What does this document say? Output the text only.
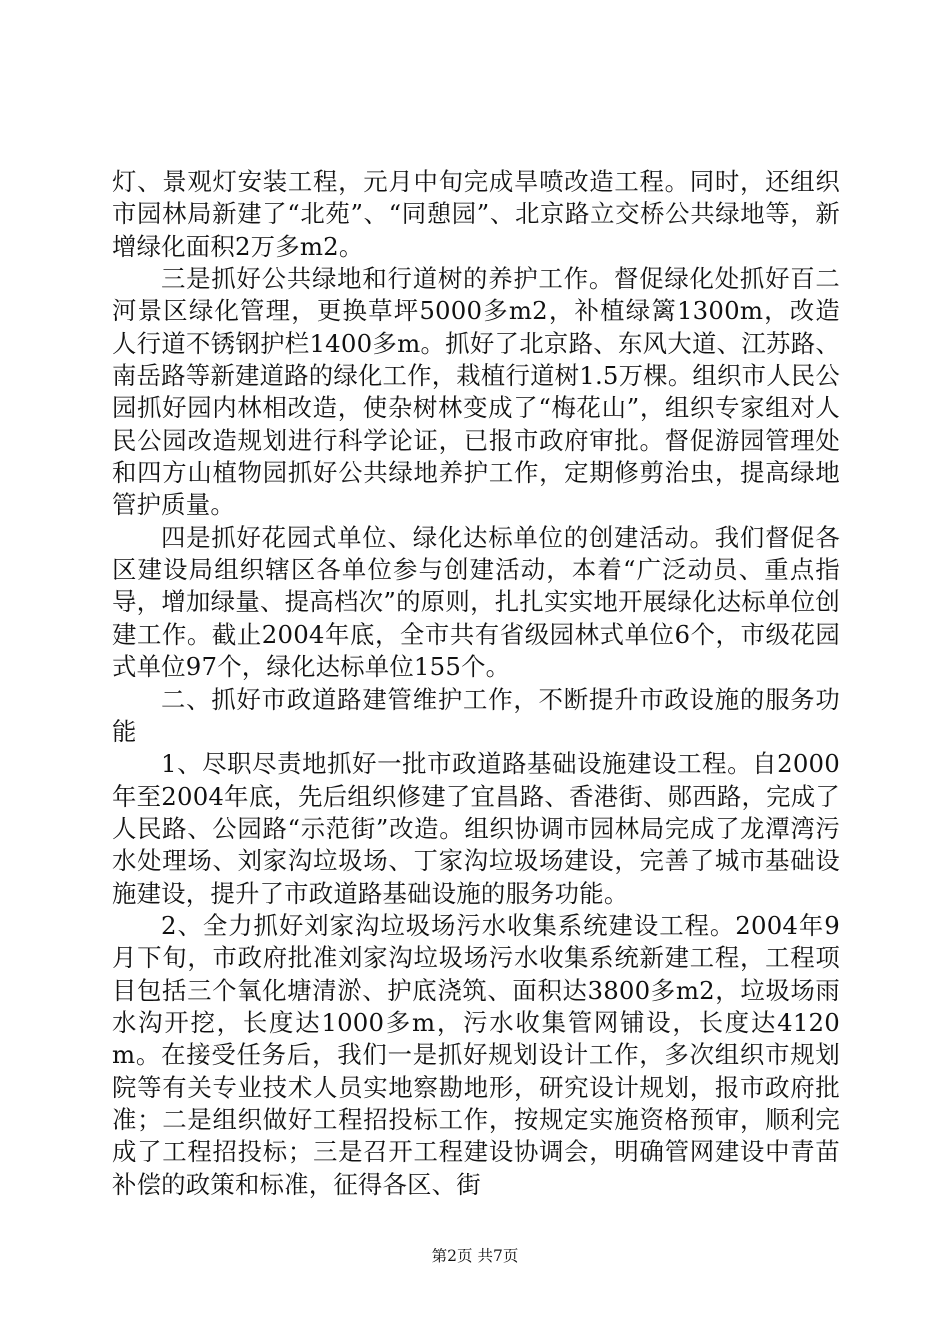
灯、景观灯安装工程，元月中旬完成旱喷改造工程。同时，还组织市园林局新建了“北苑”、“同憩园”、北京路立交桥公共绿地等，新增绿化面积2万多m2。

三是抓好公共绿地和行道树的养护工作。督促绿化处抓好百二河景区绿化管理，更换草坪5000多m2，补植绿篱1300m，改造人行道不锈钢护栏1400多m。抓好了北京路、东风大道、江苏路、南岳路等新建道路的绿化工作，栽植行道树1.5万棵。组织市人民公园抓好园内林相改造，使杂树林变成了“梅花山”，组织专家组对人民公园改造规划进行科学论证，已报市政府审批。督促游园管理处和四方山植物园抓好公共绿地养护工作，定期修剪治虫，提高绿地管护质量。

四是抓好花园式单位、绿化达标单位的创建活动。我们督促各区建设局组织辖区各单位参与创建活动，本着“广泛动员、重点指导，增加绿量、提高档次”的原则，扎扎实实地开展绿化达标单位创建工作。截止2004年底，全市共有省级园林式单位6个，市级花园式单位97个，绿化达标单位155个。

二、抓好市政道路建管维护工作，不断提升市政设施的服务功能

1、尽职尽责地抓好一批市政道路基础设施建设工程。自2000年至2004年底，先后组织修建了宜昌路、香港街、郧西路，完成了人民路、公园路“示范街”改造。组织协调市园林局完成了龙潭湾污水处理场、刘家沟垃圾场、丁家沟垃圾场建设，完善了城市基础设施建设，提升了市政道路基础设施的服务功能。

2、全力抓好刘家沟垃圾场污水收集系统建设工程。2004年9月下旬，市政府批准刘家沟垃圾场污水收集系统新建工程，工程项目包括三个氧化塘清淤、护底浇筑、面积达3800多m2，垃圾场雨水沟开挖，长度达1000多m，污水收集管网铺设，长度达4120m。在接受任务后，我们一是抓好规划设计工作，多次组织市规划院等有关专业技术人员实地察勘地形，研究设计规划，报市政府批准；二是组织做好工程招投标工作，按规定实施资格预审，顺利完成了工程招投标；三是召开工程建设协调会，明确管网建设中青苗补偿的政策和标准，征得各区、街

第2页 共7页
